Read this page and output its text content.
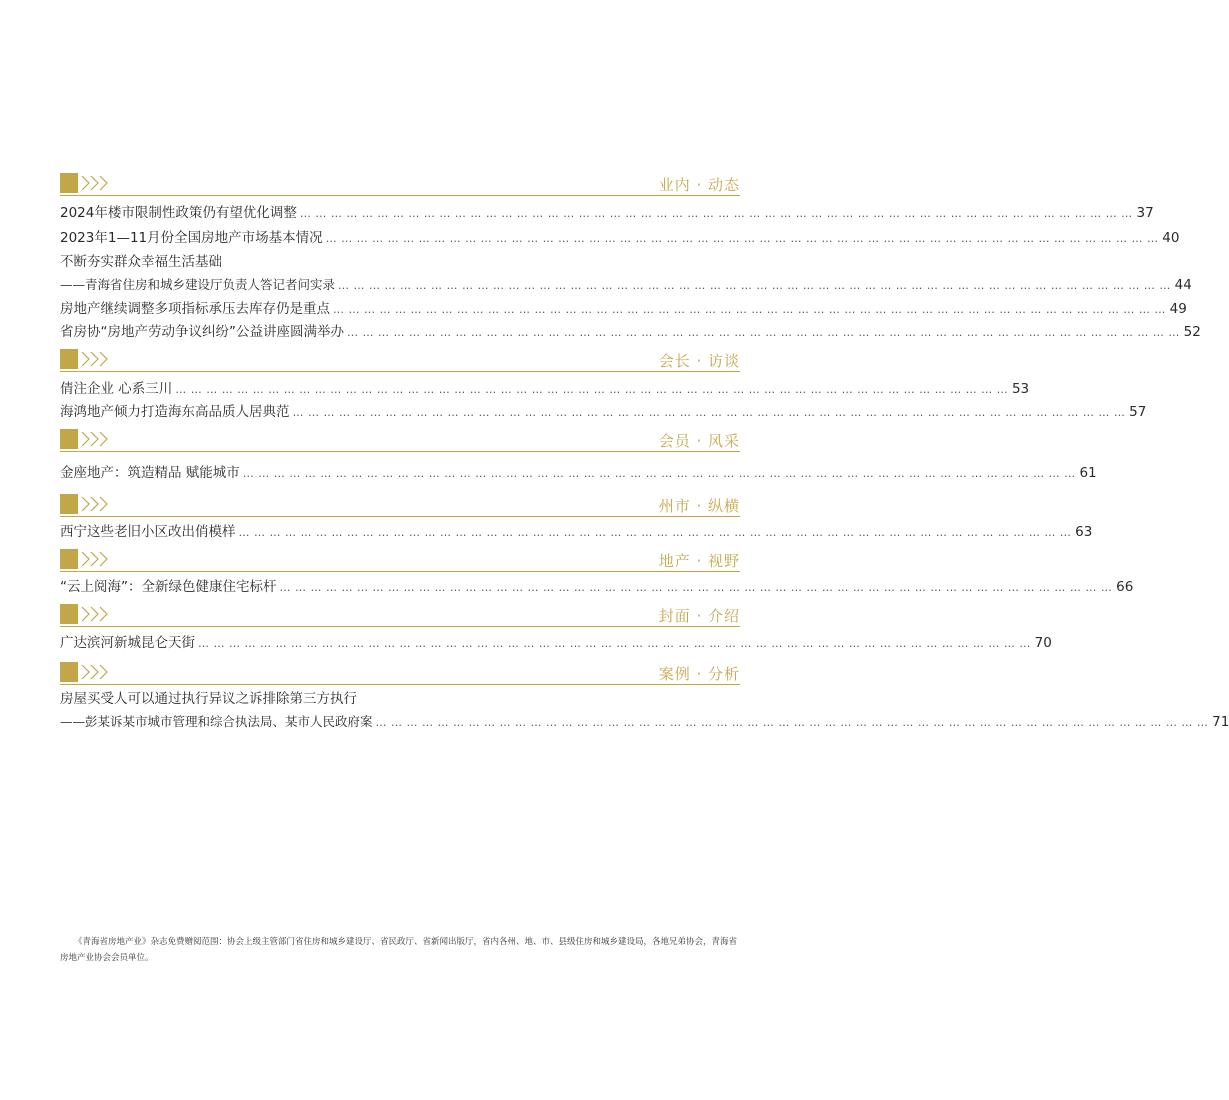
业内 · 动态
2024年楼市限制性政策仍有望优化调整 … … … … … … … … … … … … … … … … … … … … … … … … … … … … … … … … … … … … … … … … … … … … … … … … … … … … … … 37
2023年1—11月份全国房地产市场基本情况 … … … … … … … … … … … … … … … … … … … … … … … … … … … … … … … … … … … … … … … … … … … … … … … … … … … … … … 40
不断夯实群众幸福生活基础
——青海省住房和城乡建设厅负责人答记者问实录 … … … … … … … … … … … … … … … … … … … … … … … … … … … … … … … … … … … … … … … … … … … … … … … … … … … … … … 44
房地产继续调整多项指标承压去库存仍是重点 … … … … … … … … … … … … … … … … … … … … … … … … … … … … … … … … … … … … … … … … … … … … … … … … … … … … … … 49
省房协“房地产劳动争议纠纷”公益讲座圆满举办 … … … … … … … … … … … … … … … … … … … … … … … … … … … … … … … … … … … … … … … … … … … … … … … … … … … … … … 52
会长 · 访谈
倩注企业 心系三川 … … … … … … … … … … … … … … … … … … … … … … … … … … … … … … … … … … … … … … … … … … … … … … … … … … … … … … 53
海鸿地产倾力打造海东高品质人居典范 … … … … … … … … … … … … … … … … … … … … … … … … … … … … … … … … … … … … … … … … … … … … … … … … … … … … … … 57
会员 · 风采
金座地产：筑造精品 赋能城市 … … … … … … … … … … … … … … … … … … … … … … … … … … … … … … … … … … … … … … … … … … … … … … … … … … … … … … 61
州市 · 纵横
西宁这些老旧小区改出俏模样 … … … … … … … … … … … … … … … … … … … … … … … … … … … … … … … … … … … … … … … … … … … … … … … … … … … … … … 63
地产 · 视野
“云上阅海”：全新绿色健康住宅标杆 … … … … … … … … … … … … … … … … … … … … … … … … … … … … … … … … … … … … … … … … … … … … … … … … … … … … … … 66
封面 · 介绍
广达滨河新城昆仑天街 … … … … … … … … … … … … … … … … … … … … … … … … … … … … … … … … … … … … … … … … … … … … … … … … … … … … … … 70
案例 · 分析
房屋买受人可以通过执行异议之诉排除第三方执行
——彭某诉某市城市管理和综合执法局、某市人民政府案 … … … … … … … … … … … … … … … … … … … … … … … … … … … … … … … … … … … … … … … … … … … … … … … … … … … … … … 71
《青海省房地产业》杂志免费赠阅范围：协会上级主管部门省住房和城乡建设厅、省民政厅、省新闻出版厅，省内各州、地、市、县级住房和城乡建设局，各地兄弟协会，青海省房地产业协会会员单位。
